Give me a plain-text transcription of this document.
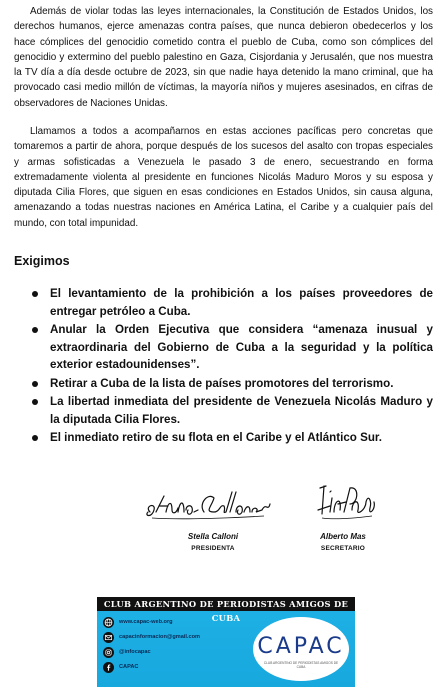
Además de violar todas las leyes internacionales, la Constitución de Estados Unidos, los derechos humanos, ejerce amenazas contra países, que nunca debieron obedecerlos y los hace cómplices del genocidio cometido contra el pueblo de Cuba, como son cómplices del genocidio y extermino del pueblo palestino en Gaza, Cisjordania y Jerusalén, que nos muestra la TV día a día desde octubre de 2023, sin que nadie haya detenido la mano criminal, que ha provocado casi medio millón de víctimas, la mayoría niños y mujeres asesinados, en cifras de observadores de Naciones Unidas.

Llamamos a todos a acompañarnos en estas acciones pacíficas pero concretas que tomaremos a partir de ahora, porque después de los sucesos del asalto con tropas especiales y armas sofisticadas a Venezuela le pasado 3 de enero, secuestrando en forma extremadamente violenta al presidente en funciones Nicolás Maduro Moros y su esposa y diputada Cilia Flores, que siguen en esas condiciones en Estados Unidos, sin causa alguna, amenazando a todas nuestras naciones en América Latina, el Caribe y a cualquier país del mundo, con total impunidad.

Exigimos
El levantamiento de la prohibición a los países proveedores de entregar petróleo a Cuba.
Anular la Orden Ejecutiva que considera “amenaza inusual y extraordinaria del Gobierno de Cuba a la seguridad y la política exterior estadounidenses”.
Retirar a Cuba de la lista de países promotores del terrorismo.
La libertad inmediata del presidente de Venezuela Nicolás Maduro y la diputada Cilia Flores.
El inmediato retiro de su flota en el Caribe y el Atlántico Sur.
Stella Calloni
PRESIDENTA
Alberto Mas
SECRETARIO
CLUB ARGENTINO DE PERIODISTAS AMIGOS DE CUBA
www.capac-web.org
capacinformacion@gmail.com
@infocapac
CAPAC
CAPAC
CLUB ARGENTINO DE PERIODISTAS AMIGOS DE CUBA
